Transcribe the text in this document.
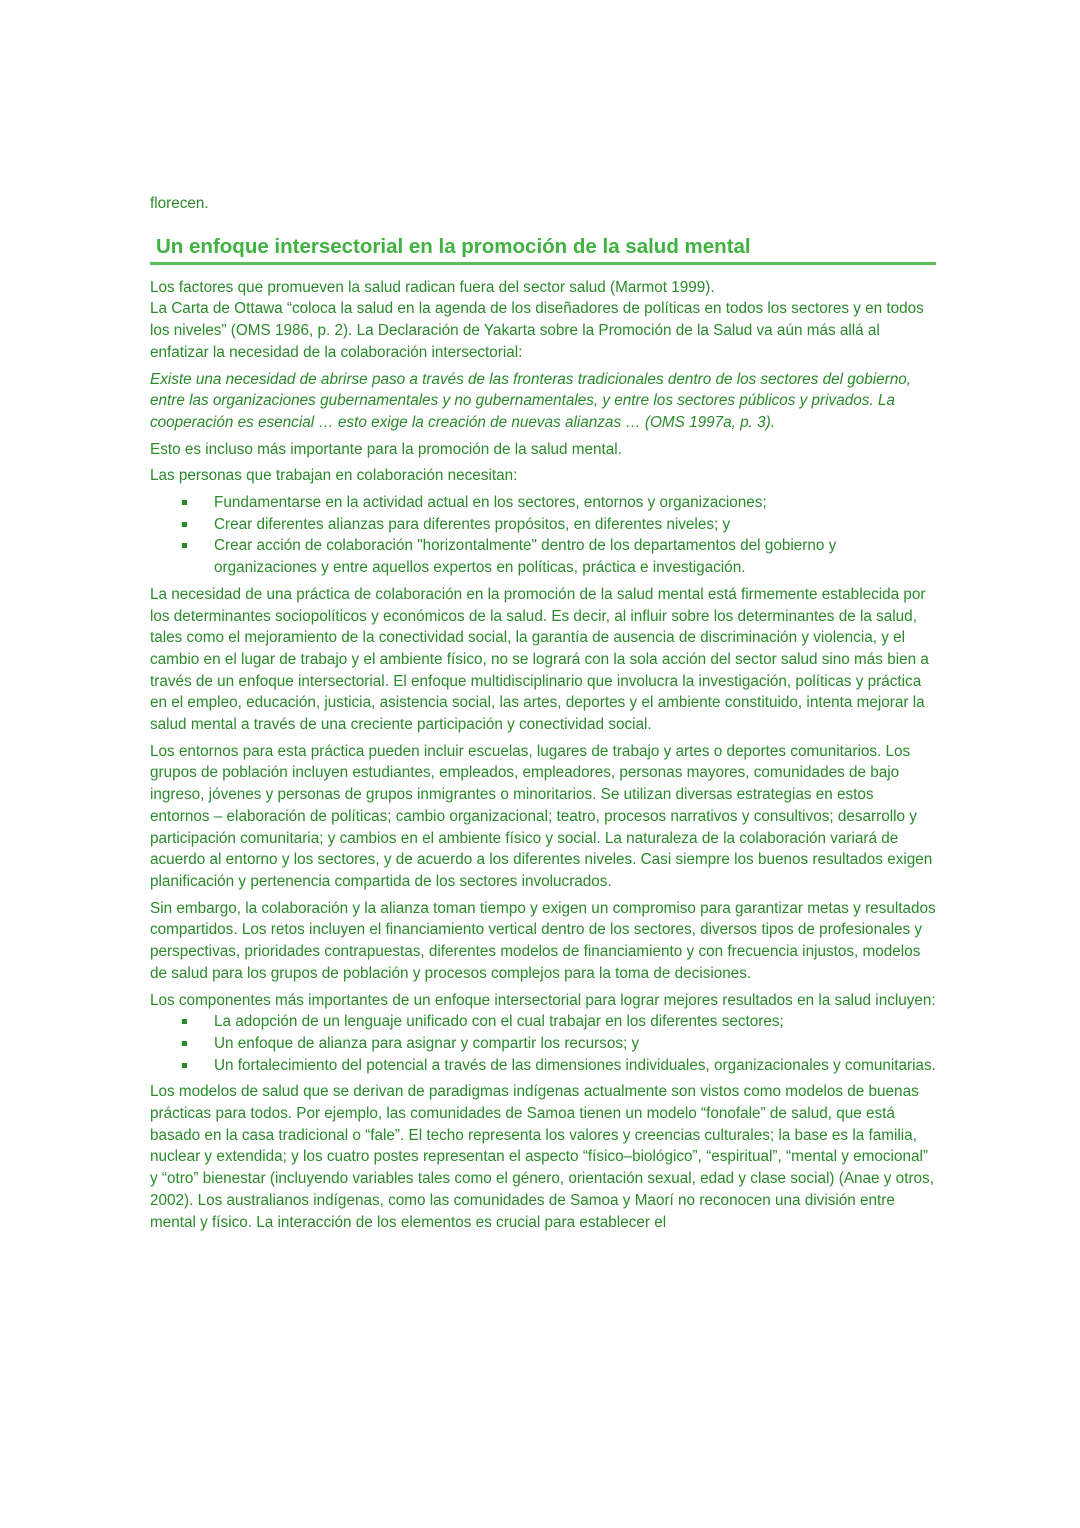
florecen.

Un enfoque intersectorial en la promoción de la salud mental

Los factores que promueven la salud radican fuera del sector salud (Marmot 1999).

La Carta de Ottawa “coloca la salud en la agenda de los diseñadores de políticas en todos los sectores y en todos los niveles” (OMS 1986, p. 2). La Declaración de Yakarta sobre la Promoción de la Salud va aún más allá al enfatizar la necesidad de la colaboración intersectorial:

Existe una necesidad de abrirse paso a través de las fronteras tradicionales dentro de los sectores del gobierno, entre las organizaciones gubernamentales y no gubernamentales, y entre los sectores públicos y privados. La cooperación es esencial … esto exige la creación de nuevas alianzas … (OMS 1997a, p. 3).

Esto es incluso más importante para la promoción de la salud mental.

Las personas que trabajan en colaboración necesitan:

Fundamentarse en la actividad actual en los sectores, entornos y organizaciones;
Crear diferentes alianzas para diferentes propósitos, en diferentes niveles; y
Crear acción de colaboración "horizontalmente" dentro de los departamentos del gobierno y organizaciones y entre aquellos expertos en políticas, práctica e investigación.

La necesidad de una práctica de colaboración en la promoción de la salud mental está firmemente establecida por los determinantes sociopolíticos y económicos de la salud. Es decir, al influir sobre los determinantes de la salud, tales como el mejoramiento de la conectividad social, la garantía de ausencia de discriminación y violencia, y el cambio en el lugar de trabajo y el ambiente físico, no se logrará con la sola acción del sector salud sino más bien a través de un enfoque intersectorial. El enfoque multidisciplinario que involucra la investigación, políticas y práctica en el empleo, educación, justicia, asistencia social, las artes, deportes y el ambiente constituido, intenta mejorar la salud mental a través de una creciente participación y conectividad social.

Los entornos para esta práctica pueden incluir escuelas, lugares de trabajo y artes o deportes comunitarios. Los grupos de población incluyen estudiantes, empleados, empleadores, personas mayores, comunidades de bajo ingreso, jóvenes y personas de grupos inmigrantes o minoritarios. Se utilizan diversas estrategias en estos entornos – elaboración de políticas; cambio organizacional; teatro, procesos narrativos y consultivos; desarrollo y participación comunitaria; y cambios en el ambiente físico y social. La naturaleza de la colaboración variará de acuerdo al entorno y los sectores, y de acuerdo a los diferentes niveles. Casi siempre los buenos resultados exigen planificación y pertenencia compartida de los sectores involucrados.

Sin embargo, la colaboración y la alianza toman tiempo y exigen un compromiso para garantizar metas y resultados compartidos. Los retos incluyen el financiamiento vertical dentro de los sectores, diversos tipos de profesionales y perspectivas, prioridades contrapuestas, diferentes modelos de financiamiento y con frecuencia injustos, modelos de salud para los grupos de población y procesos complejos para la toma de decisiones.

Los componentes más importantes de un enfoque intersectorial para lograr mejores resultados en la salud incluyen:

La adopción de un lenguaje unificado con el cual trabajar en los diferentes sectores;
Un enfoque de alianza para asignar y compartir los recursos; y
Un fortalecimiento del potencial a través de las dimensiones individuales, organizacionales y comunitarias.

Los modelos de salud que se derivan de paradigmas indígenas actualmente son vistos como modelos de buenas prácticas para todos. Por ejemplo, las comunidades de Samoa tienen un modelo “fonofale” de salud, que está basado en la casa tradicional o “fale”. El techo representa los valores y creencias culturales; la base es la familia, nuclear y extendida; y los cuatro postes representan el aspecto “físico–biológico”, “espiritual”, “mental y emocional” y “otro” bienestar (incluyendo variables tales como el género, orientación sexual, edad y clase social) (Anae y otros, 2002). Los australianos indígenas, como las comunidades de Samoa y Maorí no reconocen una división entre mental y físico. La interacción de los elementos es crucial para establecer el
